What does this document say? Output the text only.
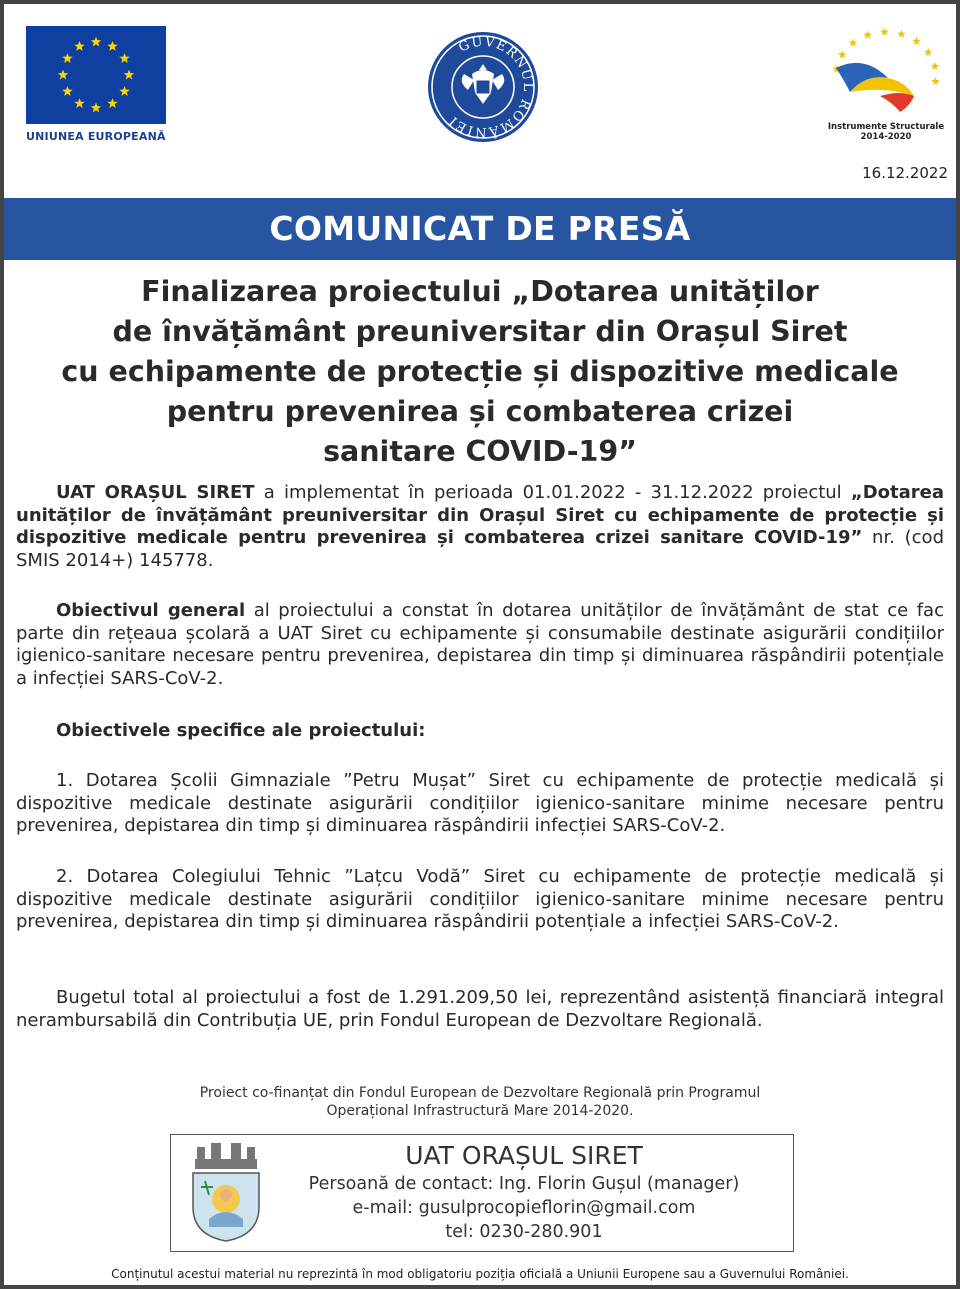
UNIUNEA EUROPEANĂ
GUVERNUL ROMÂNIEI	Instrumente Structurale
2014-2020
16.12.2022
COMUNICAT DE PRESĂ
Finalizarea proiectului „Dotarea unităților
de învățământ preuniversitar din Orașul Siret
cu echipamente de protecție și dispozitive medicale
pentru prevenirea și combaterea crizei
sanitare COVID-19”
UAT ORAȘUL SIRET a implementat în perioada 01.01.2022 - 31.12.2022 proiectul „Dotarea unităților de învățământ preuniversitar din Orașul Siret cu echipamente de protecție și dispozitive medicale pentru prevenirea și combaterea crizei sanitare COVID-19” nr. (cod SMIS 2014+) 145778.
Obiectivul general al proiectului a constat în dotarea unităților de învățământ de stat ce fac parte din rețeaua școlară a UAT Siret cu echipamente și consumabile destinate asigurării condițiilor igienico-sanitare necesare pentru prevenirea, depistarea din timp și diminuarea răspândirii potențiale a infecției SARS-CoV-2.
Obiectivele specifice ale proiectului:
1. Dotarea Școlii Gimnaziale ”Petru Mușat” Siret cu echipamente de protecție medicală și dispozitive medicale destinate asigurării condițiilor igienico-sanitare minime necesare pentru prevenirea, depistarea din timp și diminuarea răspândirii infecției SARS-CoV-2.
2. Dotarea Colegiului Tehnic ”Lațcu Vodă” Siret cu echipamente de protecție medicală și dispozitive medicale destinate asigurării condițiilor igienico-sanitare minime necesare pentru prevenirea, depistarea din timp și diminuarea răspândirii potențiale a infecției SARS-CoV-2.
Bugetul total al proiectului a fost de 1.291.209,50 lei, reprezentând asistență financiară integral nerambursabilă din Contribuția UE, prin Fondul European de Dezvoltare Regională.
Proiect co-finanțat din Fondul European de Dezvoltare Regională prin Programul
Operațional Infrastructură Mare 2014-2020.
UAT ORAȘUL SIRET
Persoană de contact: Ing. Florin Gușul (manager)
e-mail: gusulprocopieflorin@gmail.com
tel: 0230-280.901
Conținutul acestui material nu reprezintă în mod obligatoriu poziția oficială a Uniunii Europene sau a Guvernului României.
